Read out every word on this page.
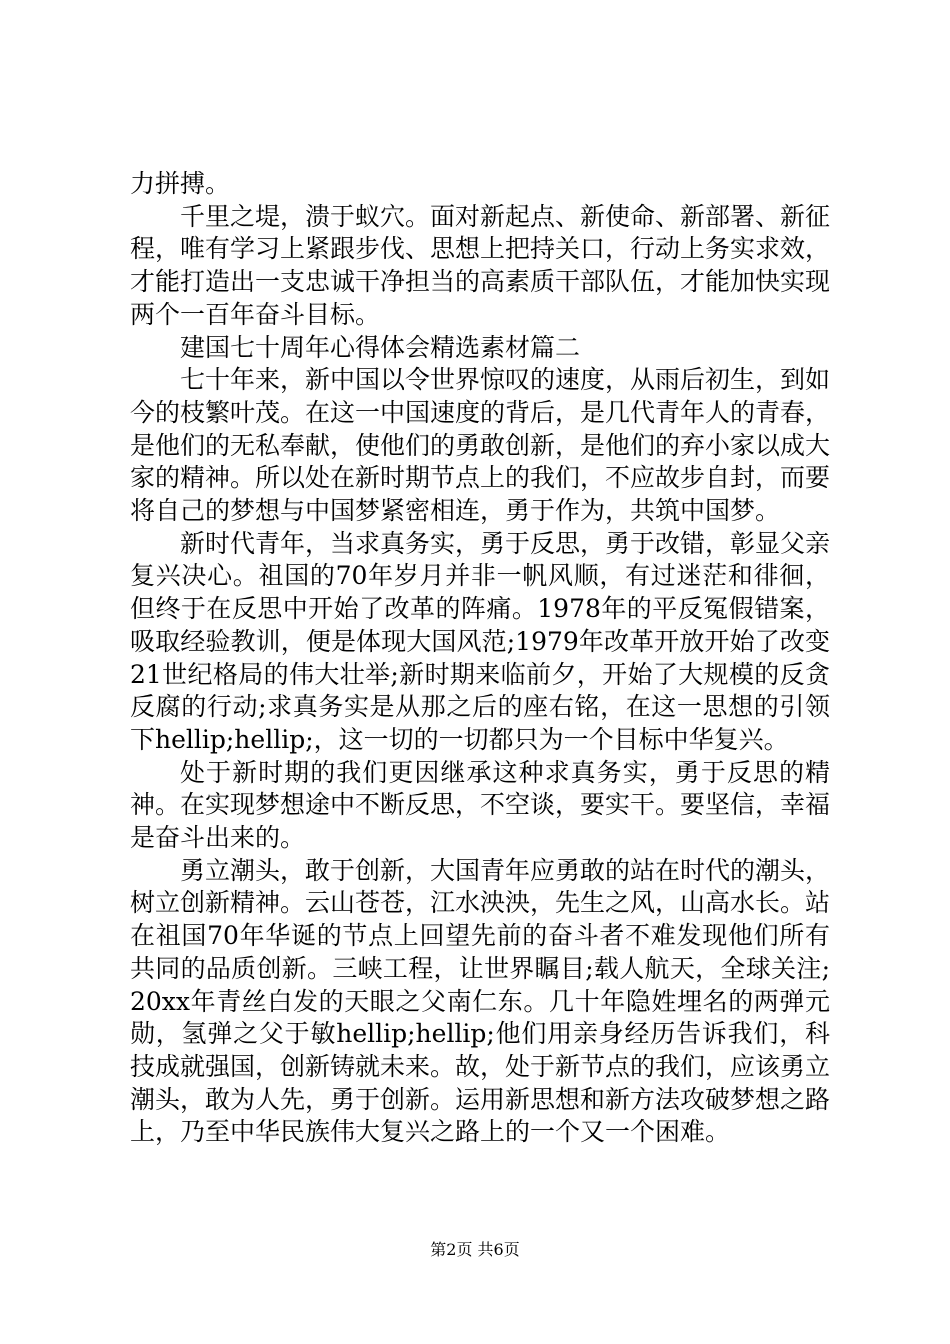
力拼搏。

千里之堤，溃于蚁穴。面对新起点、新使命、新部署、新征程，唯有学习上紧跟步伐、思想上把持关口，行动上务实求效，才能打造出一支忠诚干净担当的高素质干部队伍，才能加快实现两个一百年奋斗目标。

建国七十周年心得体会精选素材篇二

七十年来，新中国以令世界惊叹的速度，从雨后初生，到如今的枝繁叶茂。在这一中国速度的背后，是几代青年人的青春，是他们的无私奉献，使他们的勇敢创新，是他们的弃小家以成大家的精神。所以处在新时期节点上的我们，不应故步自封，而要将自己的梦想与中国梦紧密相连，勇于作为，共筑中国梦。

新时代青年，当求真务实，勇于反思，勇于改错，彰显父亲复兴决心。祖国的70年岁月并非一帆风顺，有过迷茫和徘徊，但终于在反思中开始了改革的阵痛。1978年的平反冤假错案，吸取经验教训，便是体现大国风范;1979年改革开放开始了改变21世纪格局的伟大壮举;新时期来临前夕，开始了大规模的反贪反腐的行动;求真务实是从那之后的座右铭，在这一思想的引领下hellip;hellip;，这一切的一切都只为一个目标中华复兴。

处于新时期的我们更因继承这种求真务实，勇于反思的精神。在实现梦想途中不断反思，不空谈，要实干。要坚信，幸福是奋斗出来的。

勇立潮头，敢于创新，大国青年应勇敢的站在时代的潮头，树立创新精神。云山苍苍，江水泱泱，先生之风，山高水长。站在祖国70年华诞的节点上回望先前的奋斗者不难发现他们所有共同的品质创新。三峡工程，让世界瞩目;载人航天，全球关注;20xx年青丝白发的天眼之父南仁东。几十年隐姓埋名的两弹元勋，氢弹之父于敏hellip;hellip;他们用亲身经历告诉我们，科技成就强国，创新铸就未来。故，处于新节点的我们，应该勇立潮头，敢为人先，勇于创新。运用新思想和新方法攻破梦想之路上，乃至中华民族伟大复兴之路上的一个又一个困难。

第2页 共6页
